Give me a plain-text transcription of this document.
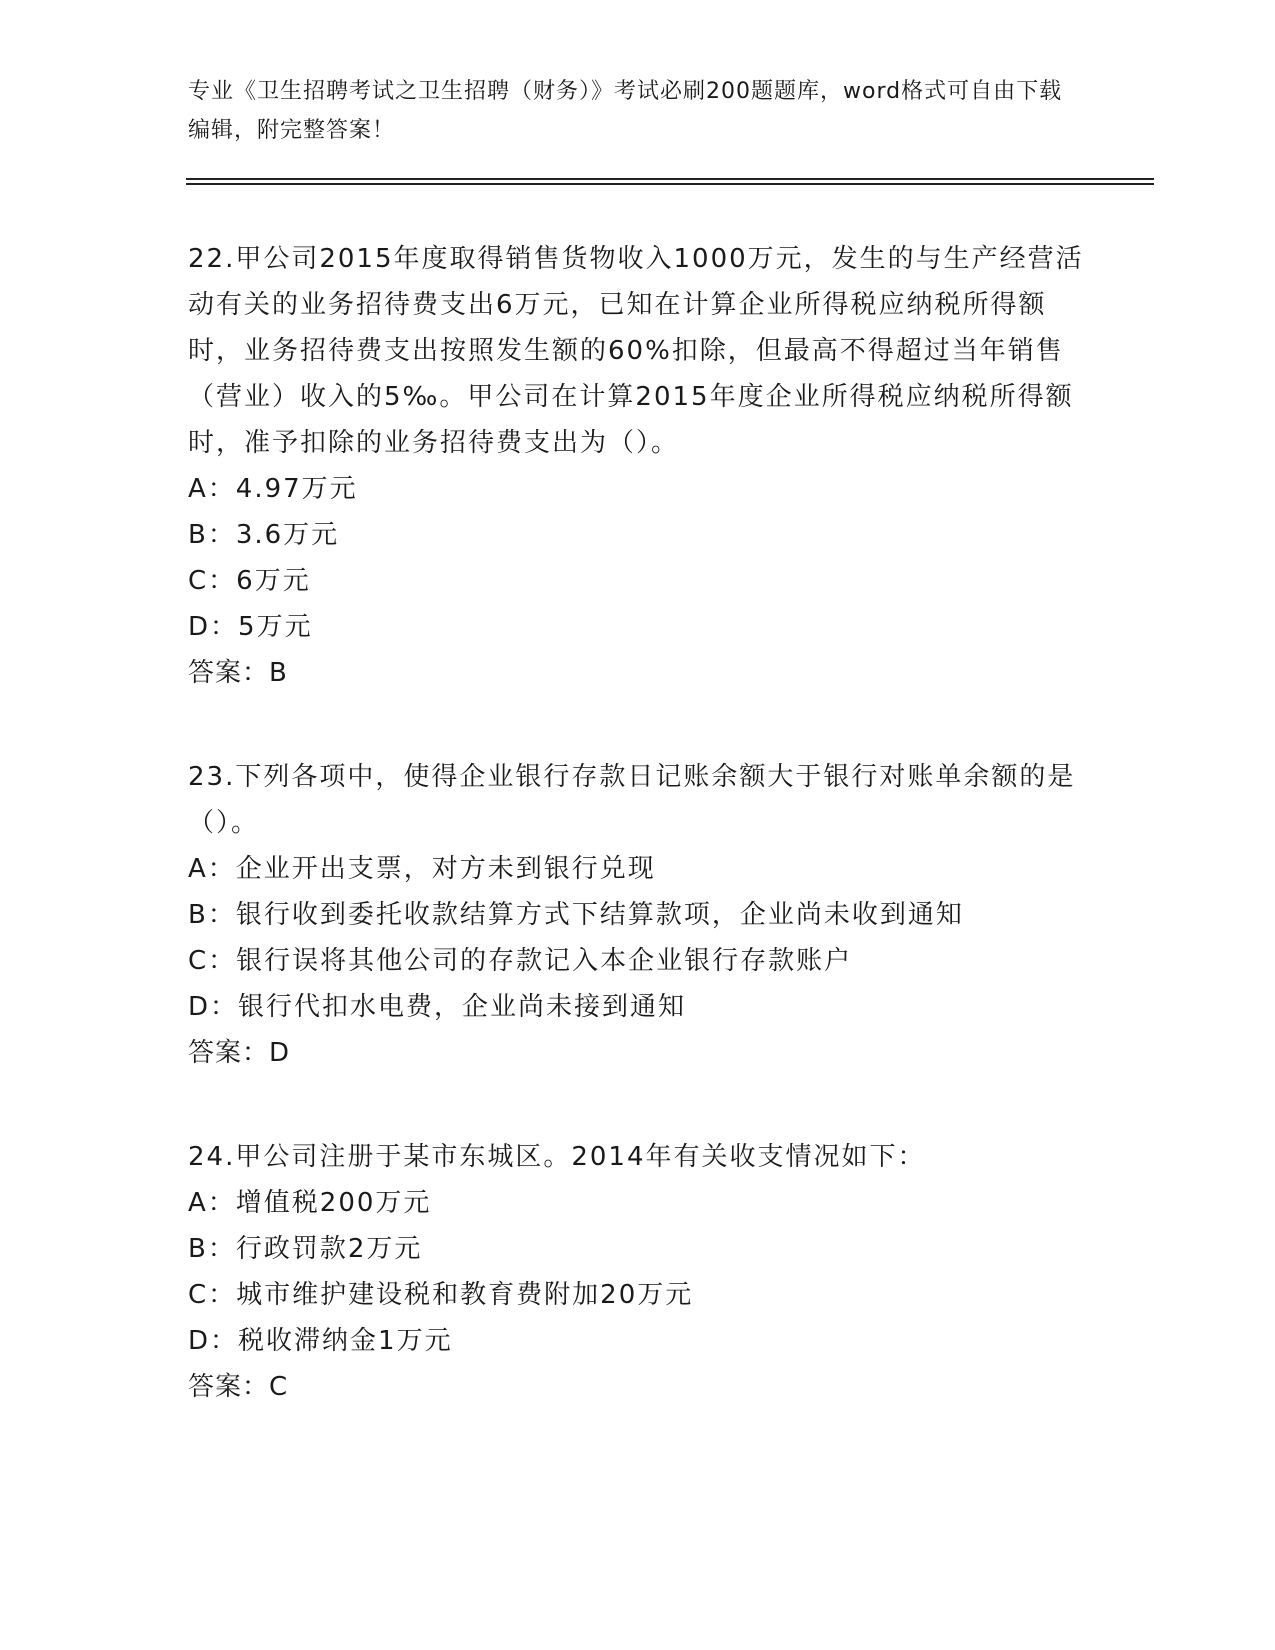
专业《卫生招聘考试之卫生招聘（财务）》考试必刷200题题库，word格式可自由下载编辑，附完整答案！

22.甲公司2015年度取得销售货物收入1000万元，发生的与生产经营活动有关的业务招待费支出6万元，已知在计算企业所得税应纳税所得额时，业务招待费支出按照发生额的60%扣除，但最高不得超过当年销售（营业）收入的5‰。甲公司在计算2015年度企业所得税应纳税所得额时，准予扣除的业务招待费支出为（）。

A：4.97万元

B：3.6万元

C：6万元

D：5万元

答案：B

23.下列各项中，使得企业银行存款日记账余额大于银行对账单余额的是（）。

A：企业开出支票，对方未到银行兑现

B：银行收到委托收款结算方式下结算款项，企业尚未收到通知

C：银行误将其他公司的存款记入本企业银行存款账户

D：银行代扣水电费，企业尚未接到通知

答案：D

24.甲公司注册于某市东城区。2014年有关收支情况如下：

A：增值税200万元

B：行政罚款2万元

C：城市维护建设税和教育费附加20万元

D：税收滞纳金1万元

答案：C
